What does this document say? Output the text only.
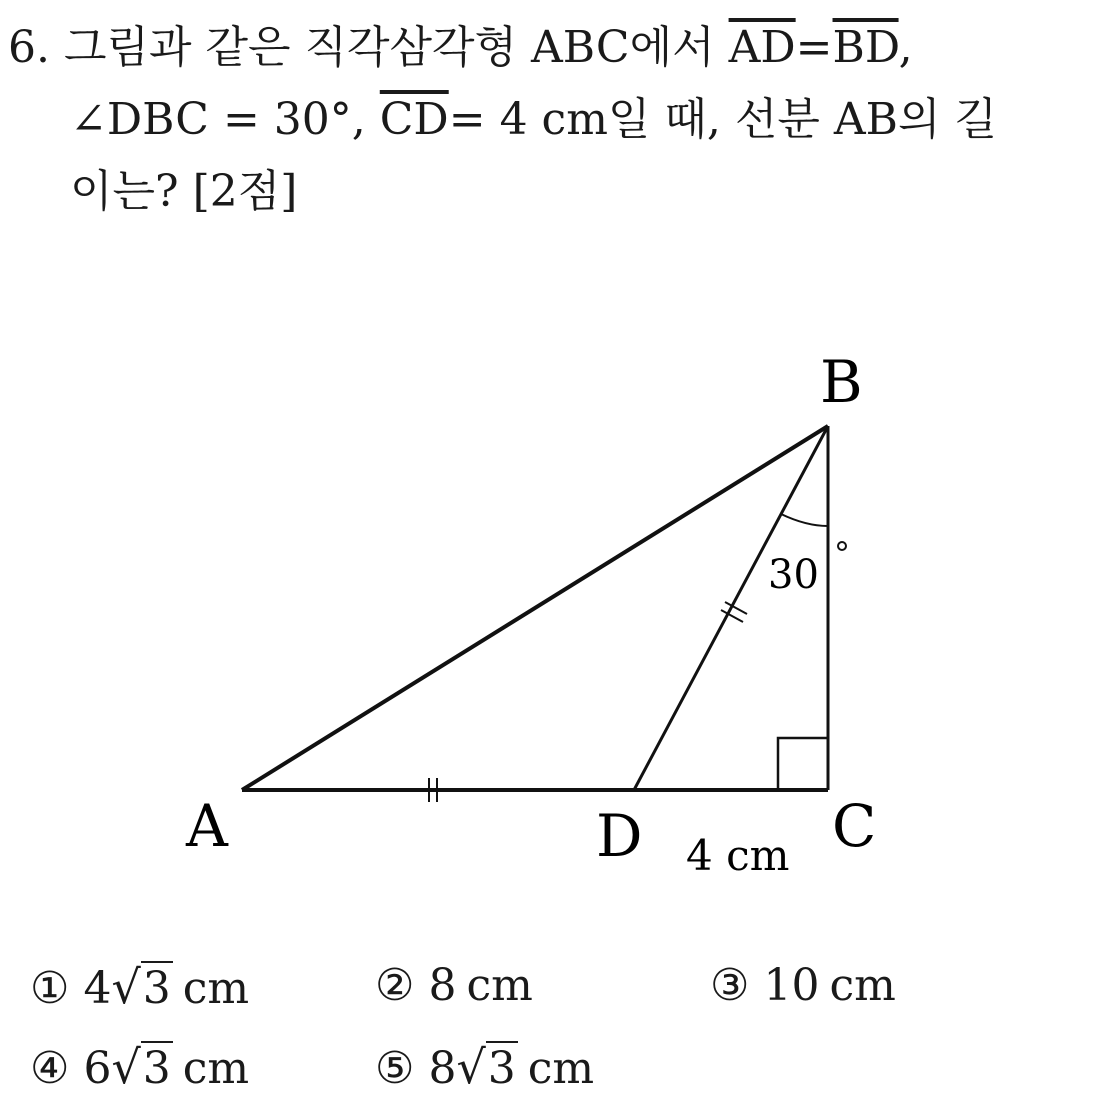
6. 그림과 같은 직각삼각형 ABC에서 $\overline{AD}=\overline{BD}$,
∠DBC = 30°, $\overline{CD}= 4$ cm일 때, 선분 AB의 길
이는? [2점]
B
A	D	C
30
4 cm
① 4√3 cm	② 8 cm	③ 10 cm
④ 6√3 cm	⑤ 8√3 cm
